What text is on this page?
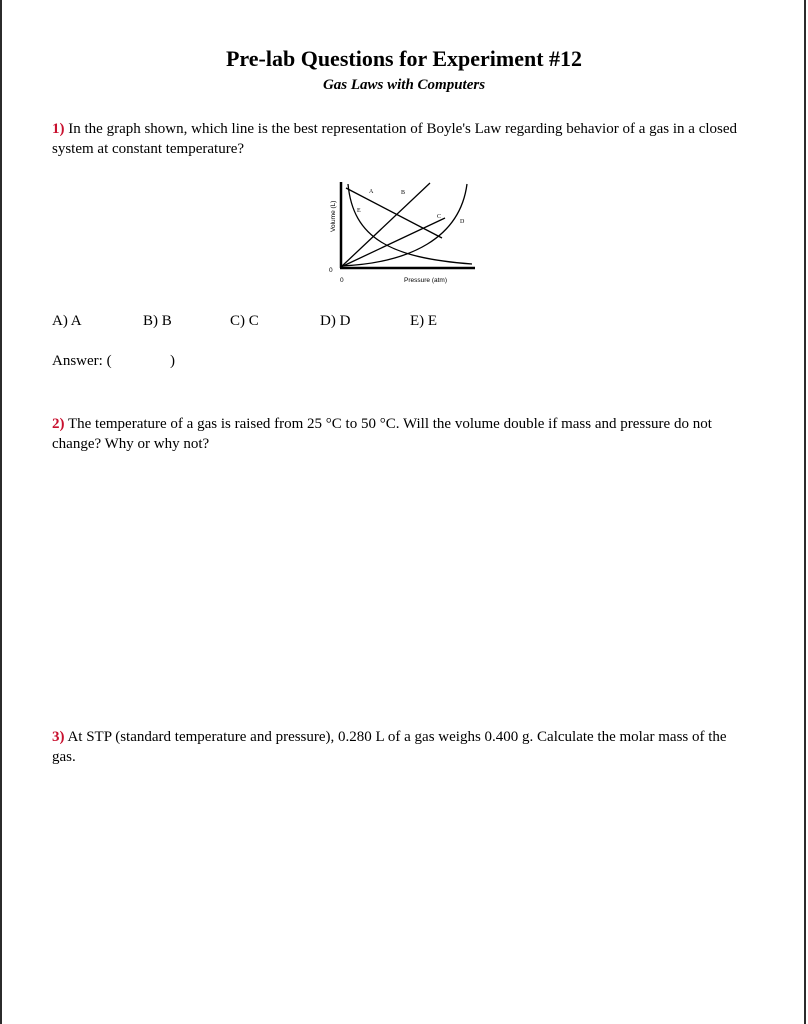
Pre-lab Questions for Experiment #12
Gas Laws with Computers
1) In the graph shown, which line is the best representation of Boyle's Law regarding behavior of a gas in a closed system at constant temperature?
A	B
C
D
E
Volume (L)
Pressure (atm)
0
0
A) A	B) B	C) C	D) D	E) E
Answer: (	)
2) The temperature of a gas is raised from 25 °C to 50 °C. Will the volume double if mass and pressure do not change? Why or why not?
3) At STP (standard temperature and pressure), 0.280 L of a gas weighs 0.400 g. Calculate the molar mass of the gas.
